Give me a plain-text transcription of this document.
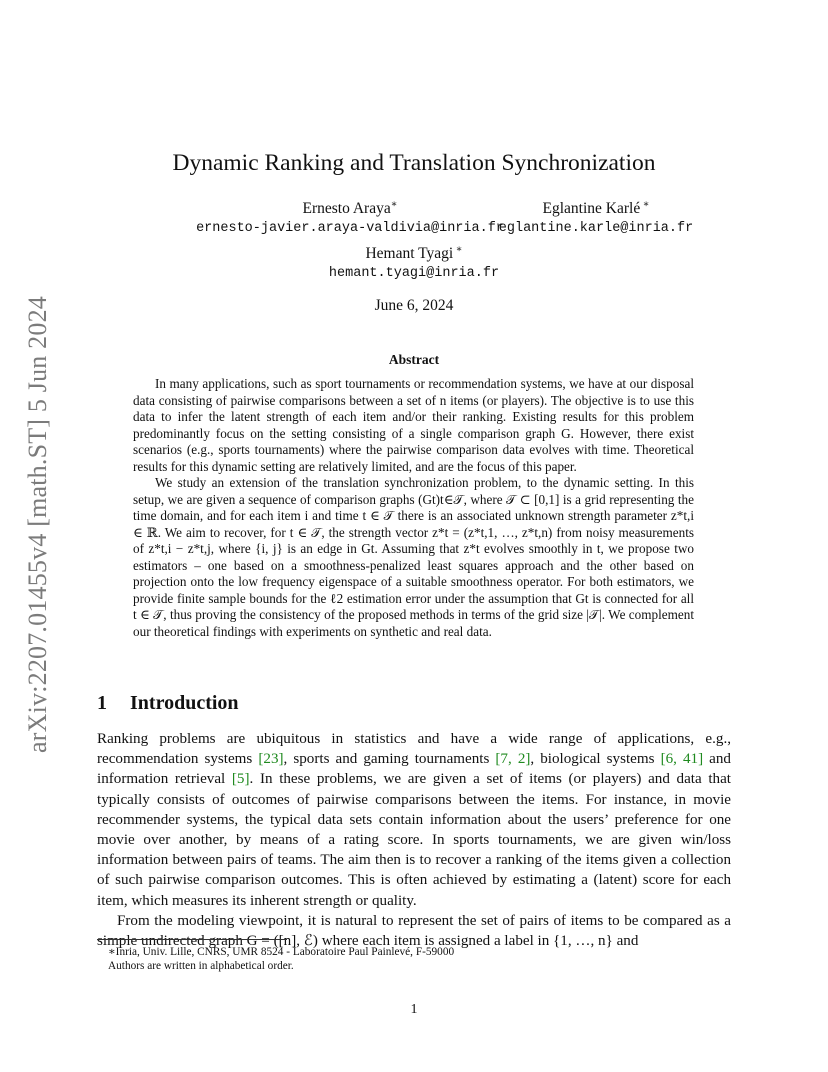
arXiv:2207.01455v4 [math.ST] 5 Jun 2024
Dynamic Ranking and Translation Synchronization
Ernesto Araya∗
ernesto-javier.araya-valdivia@inria.fr
Eglantine Karlé ∗
eglantine.karle@inria.fr
Hemant Tyagi ∗
hemant.tyagi@inria.fr
June 6, 2024
Abstract

In many applications, such as sport tournaments or recommendation systems, we have at our disposal data consisting of pairwise comparisons between a set of n items (or players). The objective is to use this data to infer the latent strength of each item and/or their ranking. Existing results for this problem predominantly focus on the setting consisting of a single comparison graph G. However, there exist scenarios (e.g., sports tournaments) where the pairwise comparison data evolves with time. Theoretical results for this dynamic setting are relatively limited, and are the focus of this paper.

We study an extension of the translation synchronization problem, to the dynamic setting. In this setup, we are given a sequence of comparison graphs (Gt)t∈𝒯, where 𝒯 ⊂ [0,1] is a grid representing the time domain, and for each item i and time t ∈ 𝒯 there is an associated unknown strength parameter z*t,i ∈ ℝ. We aim to recover, for t ∈ 𝒯, the strength vector z*t = (z*t,1, …, z*t,n) from noisy measurements of z*t,i − z*t,j, where {i, j} is an edge in Gt. Assuming that z*t evolves smoothly in t, we propose two estimators – one based on a smoothness-penalized least squares approach and the other based on projection onto the low frequency eigenspace of a suitable smoothness operator. For both estimators, we provide finite sample bounds for the ℓ2 estimation error under the assumption that Gt is connected for all t ∈ 𝒯, thus proving the consistency of the proposed methods in terms of the grid size |𝒯|. We complement our theoretical findings with experiments on synthetic and real data.

1 Introduction

Ranking problems are ubiquitous in statistics and have a wide range of applications, e.g., recommendation systems [23], sports and gaming tournaments [7, 2], biological systems [6, 41] and information retrieval [5]. In these problems, we are given a set of items (or players) and data that typically consists of outcomes of pairwise comparisons between the items. For instance, in movie recommender systems, the typical data sets contain information about the users’ preference for one movie over another, by means of a rating score. In sports tournaments, we are given win/loss information between pairs of teams. The aim then is to recover a ranking of the items given a collection of such pairwise comparison outcomes. This is often achieved by estimating a (latent) score for each item, which measures its inherent strength or quality.

From the modeling viewpoint, it is natural to represent the set of pairs of items to be compared as a simple undirected graph G = ([n], ℰ) where each item is assigned a label in {1, …, n} and

∗Inria, Univ. Lille, CNRS, UMR 8524 - Laboratoire Paul Painlevé, F-59000
Authors are written in alphabetical order.
1
